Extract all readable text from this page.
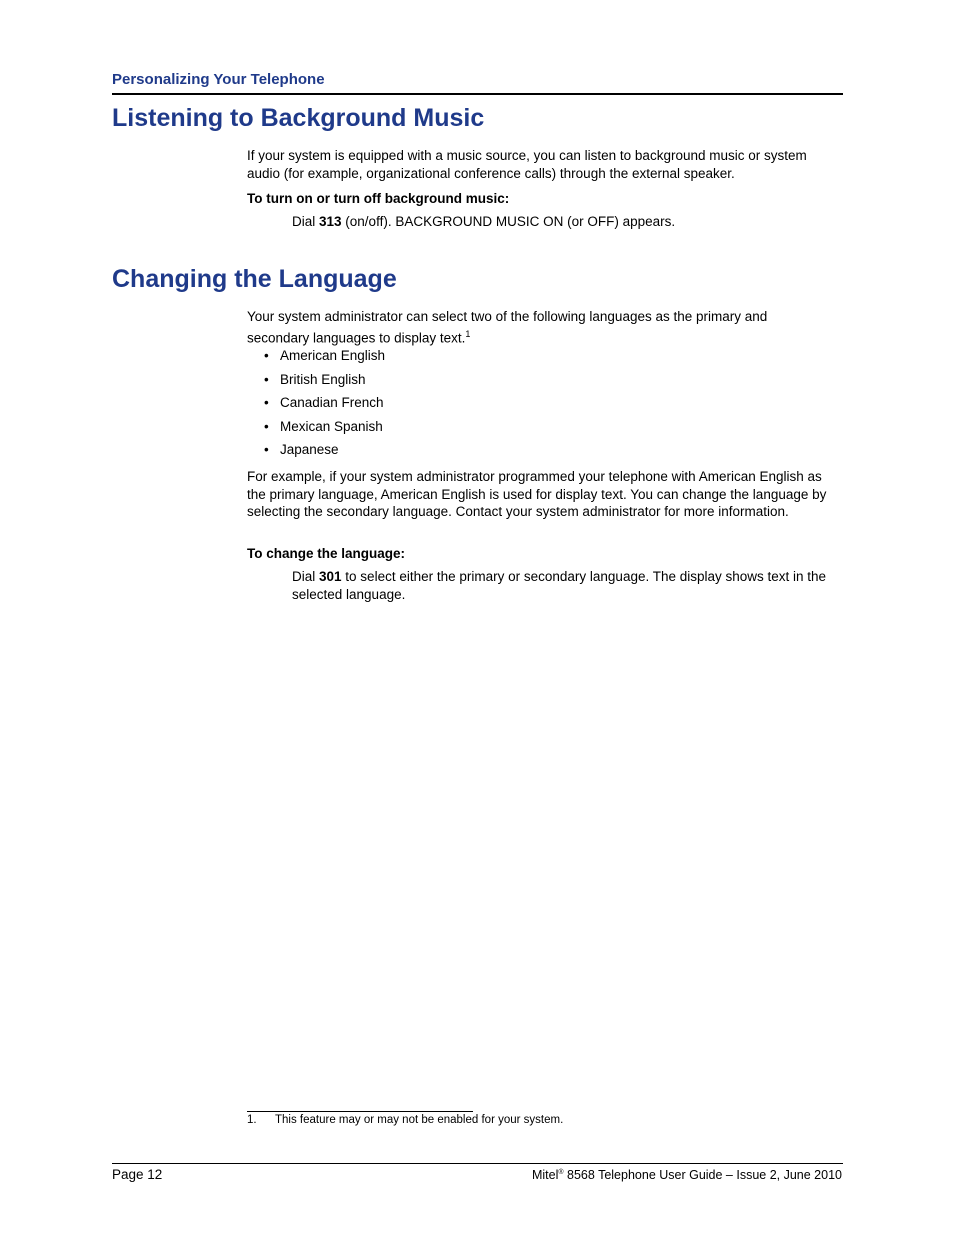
Personalizing Your Telephone
Listening to Background Music
If your system is equipped with a music source, you can listen to background music or system audio (for example, organizational conference calls) through the external speaker.
To turn on or turn off background music:
Dial 313 (on/off). BACKGROUND MUSIC ON (or OFF) appears.
Changing the Language
Your system administrator can select two of the following languages as the primary and secondary languages to display text.$^1$
• American English
• British English
• Canadian French
• Mexican Spanish
• Japanese
For example, if your system administrator programmed your telephone with American English as the primary language, American English is used for display text. You can change the language by selecting the secondary language. Contact your system administrator for more information.
To change the language:
Dial 301 to select either the primary or secondary language. The display shows text in the selected language.
1. This feature may or may not be enabled for your system.
Page 12	Mitel® 8568 Telephone User Guide – Issue 2, June 2010
